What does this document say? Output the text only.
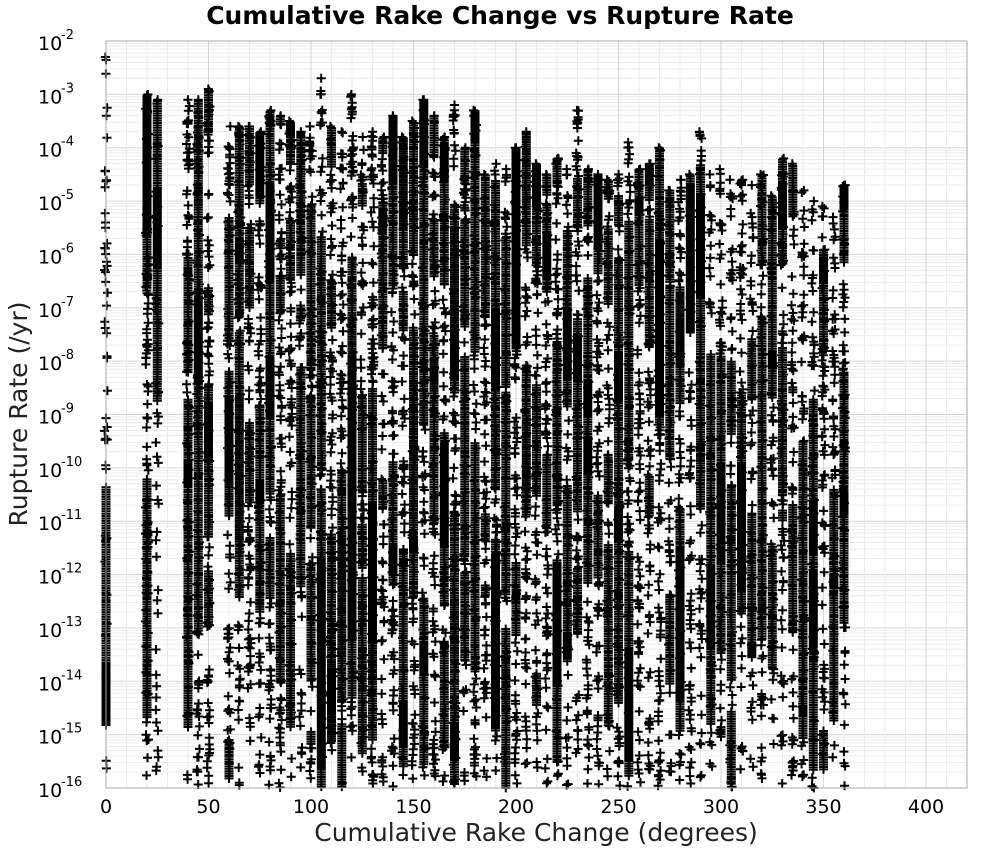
Cumulative Rake Change vs Rupture Rate
0	50	100	150	200	250	300	350	400
10
-16
10
-15
10
-14
10
-13
10
-12
10
-11
10
-10
10
-9
10
-8
10
-7
10
-6
10
-5
10
-4
10
-3
10
-2
Cumulative Rake Change (degrees)
Rupture Rate (/yr)
